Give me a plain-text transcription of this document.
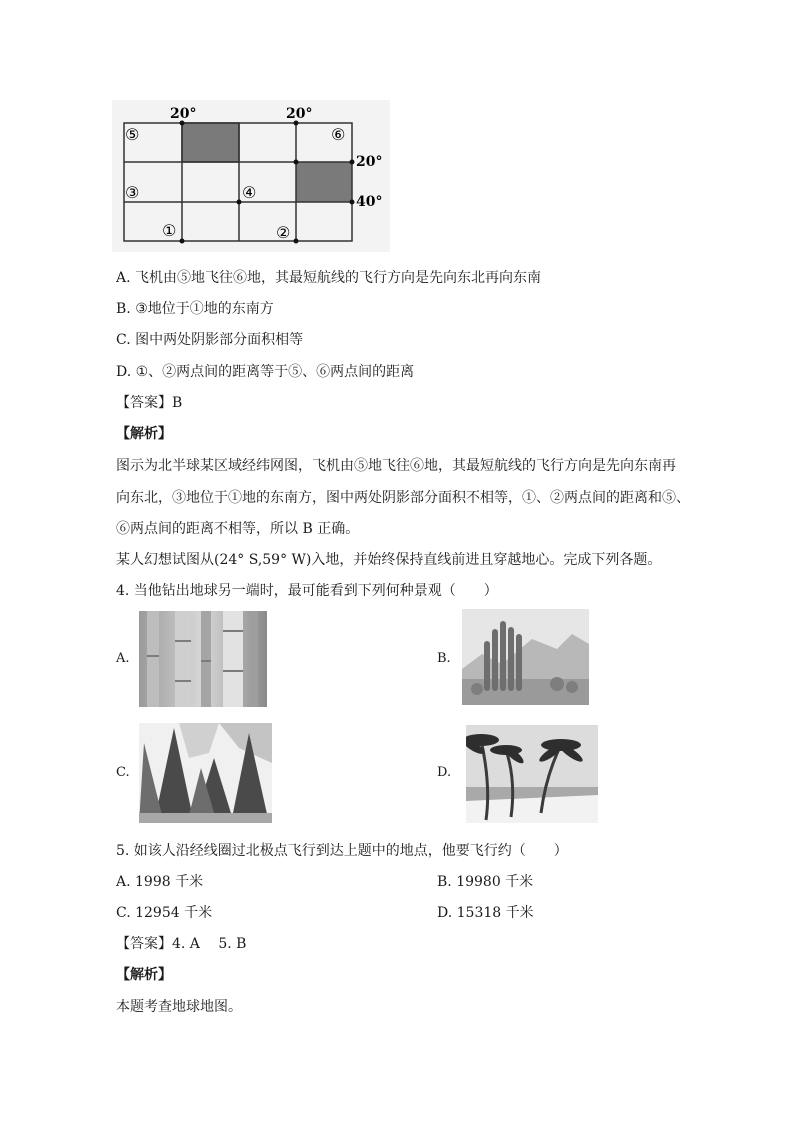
20°	20°
20°
40°
⑤	⑥
③	④
①	②
A. 飞机由⑤地飞往⑥地，其最短航线的飞行方向是先向东北再向东南
B. ③地位于①地的东南方
C. 图中两处阴影部分面积相等
D. ①、②两点间的距离等于⑤、⑥两点间的距离
【答案】B
【解析】
图示为北半球某区域经纬网图，飞机由⑤地飞往⑥地，其最短航线的飞行方向是先向东南再
向东北，③地位于①地的东南方，图中两处阴影部分面积不相等，①、②两点间的距离和⑤、
⑥两点间的距离不相等，所以 B 正确。
某人幻想试图从(24° S,59° W)入地，并始终保持直线前进且穿越地心。完成下列各题。
4. 当他钻出地球另一端时，最可能看到下列何种景观（　　）
A.	B.
C.	D.
5. 如该人沿经线圈过北极点飞行到达上题中的地点，他要飞行约（　　）
A. 1998 千米	B. 19980 千米
C. 12954 千米	D. 15318 千米
【答案】4. A　 5. B
【解析】
本题考查地球地图。
